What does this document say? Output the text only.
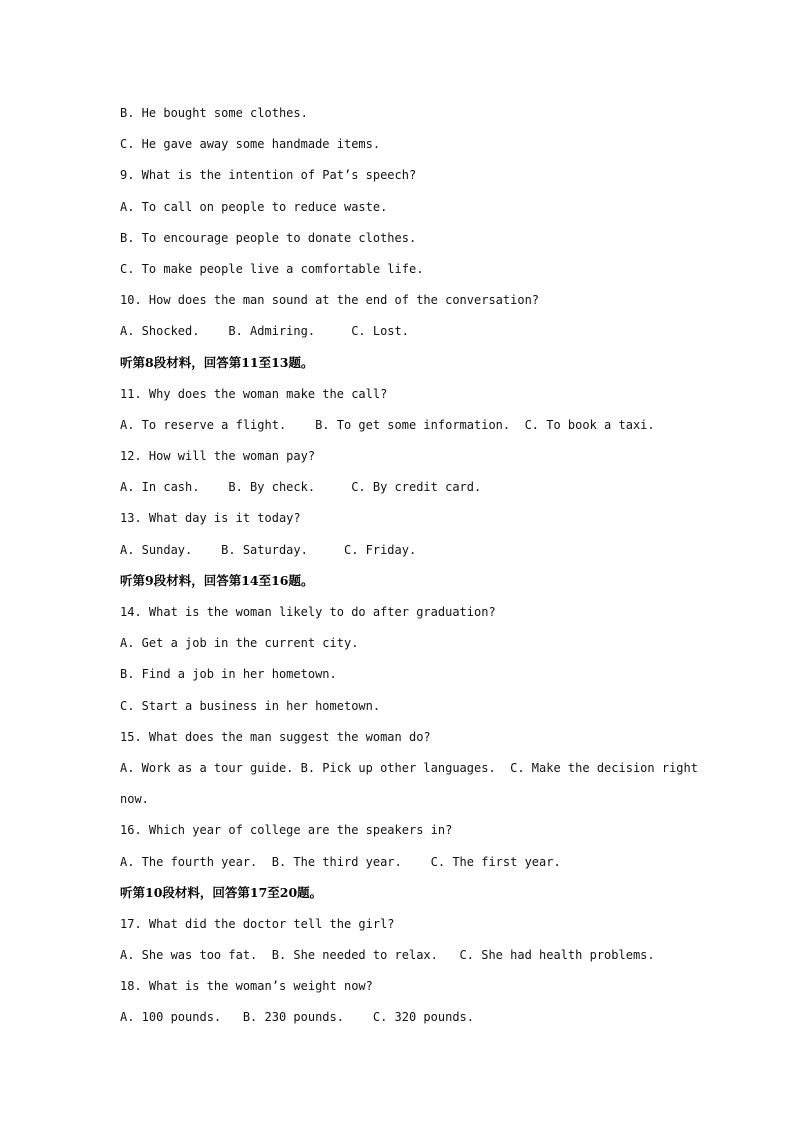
B. He bought some clothes.
C. He gave away some handmade items.
9. What is the intention of Pat’s speech?
A. To call on people to reduce waste.
B. To encourage people to donate clothes.
C. To make people live a comfortable life.
10. How does the man sound at the end of the conversation?
A. Shocked.    B. Admiring.     C. Lost.
听第8段材料，回答第11至13题。
11. Why does the woman make the call?
A. To reserve a flight.    B. To get some information.  C. To book a taxi.
12. How will the woman pay?
A. In cash.    B. By check.     C. By credit card.
13. What day is it today?
A. Sunday.    B. Saturday.     C. Friday.
听第9段材料，回答第14至16题。
14. What is the woman likely to do after graduation?
A. Get a job in the current city.
B. Find a job in her hometown.
C. Start a business in her hometown.
15. What does the man suggest the woman do?
A. Work as a tour guide. B. Pick up other languages.  C. Make the decision right
now.
16. Which year of college are the speakers in?
A. The fourth year.  B. The third year.    C. The first year.
听第10段材料，回答第17至20题。
17. What did the doctor tell the girl?
A. She was too fat.  B. She needed to relax.   C. She had health problems.
18. What is the woman’s weight now?
A. 100 pounds.   B. 230 pounds.    C. 320 pounds.
